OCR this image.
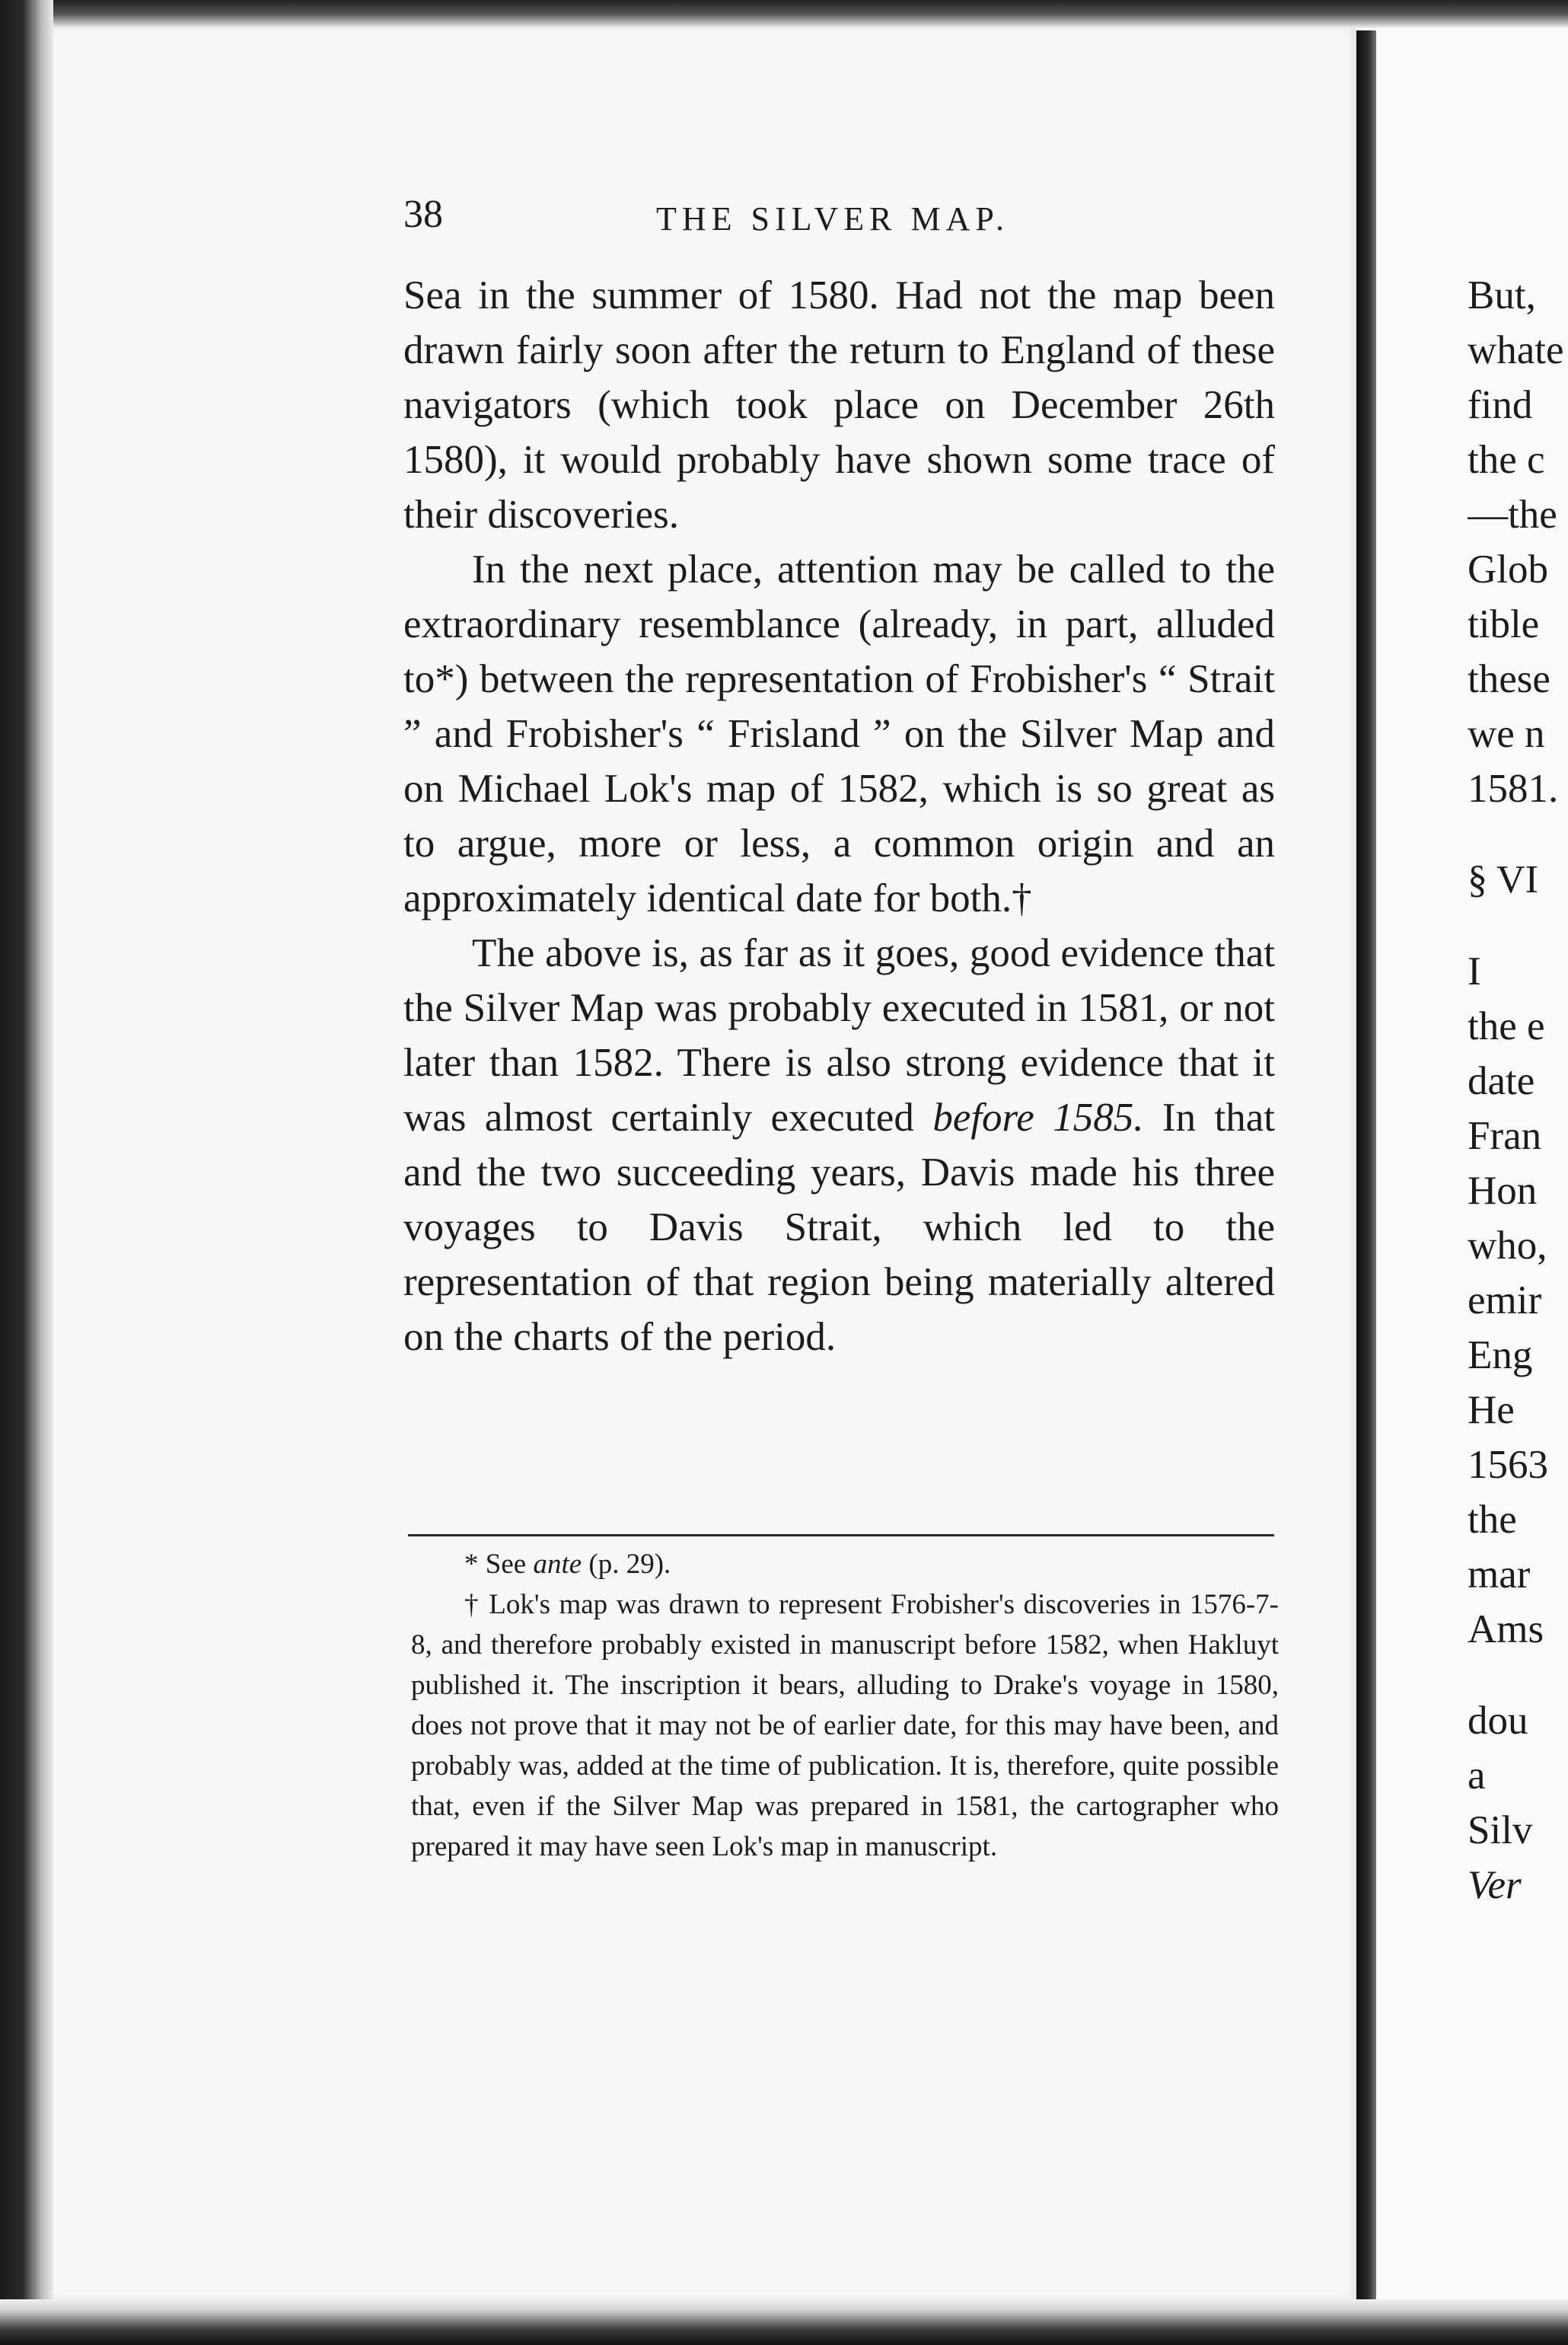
38	THE SILVER MAP.

Sea in the summer of 1580. Had not the map been drawn fairly soon after the return to England of these navigators (which took place on December 26th 1580), it would probably have shown some trace of their discoveries.

In the next place, attention may be called to the extraordinary resemblance (already, in part, alluded to*) between the representation of Frobisher's “ Strait ” and Frobisher's “ Frisland ” on the Silver Map and on Michael Lok's map of 1582, which is so great as to argue, more or less, a common origin and an approximately identical date for both.†

The above is, as far as it goes, good evidence that the Silver Map was probably executed in 1581, or not later than 1582. There is also strong evidence that it was almost certainly executed before 1585. In that and the two succeeding years, Davis made his three voyages to Davis Strait, which led to the representation of that region being materially altered on the charts of the period.

* See ante (p. 29).

† Lok's map was drawn to represent Frobisher's discoveries in 1576-7-8, and therefore probably existed in manuscript before 1582, when Hakluyt published it. The inscription it bears, alluding to Drake's voyage in 1580, does not prove that it may not be of earlier date, for this may have been, and probably was, added at the time of publication. It is, therefore, quite possible that, even if the Silver Map was prepared in 1581, the cartographer who prepared it may have seen Lok's map in manuscript.

But,
whate
find
the c
—the
Glob
tible
these
we n
1581.
§ VI
I
the e
date
Fran
Hon
who,
emir
Eng
He
1563
the
mar
Ams
dou
a
Silv
Ver
